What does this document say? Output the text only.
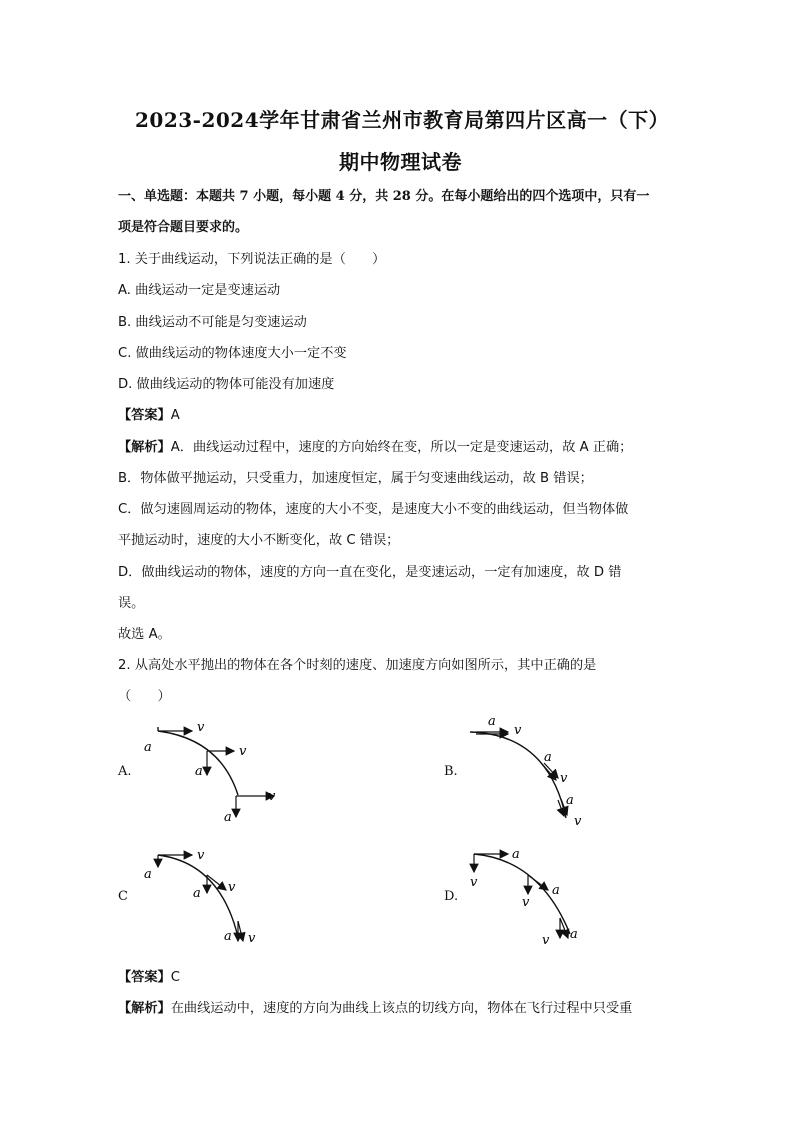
2023-2024学年甘肃省兰州市教育局第四片区高一（下）
期中物理试卷
一、单选题：本题共 7 小题，每小题 4 分，共 28 分。在每小题给出的四个选项中，只有一
项是符合题目要求的。
1. 关于曲线运动，下列说法正确的是（　　）
A. 曲线运动一定是变速运动
B. 曲线运动不可能是匀变速运动
C. 做曲线运动的物体速度大小一定不变
D. 做曲线运动的物体可能没有加速度
【答案】A
【解析】A．曲线运动过程中，速度的方向始终在变，所以一定是变速运动，故 A 正确；
B．物体做平抛运动，只受重力，加速度恒定，属于匀变速曲线运动，故 B 错误；
C．做匀速圆周运动的物体，速度的大小不变，是速度大小不变的曲线运动，但当物体做
平抛运动时，速度的大小不断变化，故 C 错误；
D．做曲线运动的物体，速度的方向一直在变化，是变速运动，一定有加速度，故 D 错
误。
故选 A。
2. 从高处水平抛出的物体在各个时刻的速度、加速度方向如图所示，其中正确的是
（　　）
A.	B.
C	D.
v
a	v
a
v
a
a
v
a
v
a
v
v
a
v
a
a v
a
v
a
v
a
v
【答案】C
【解析】在曲线运动中，速度的方向为曲线上该点的切线方向，物体在飞行过程中只受重
